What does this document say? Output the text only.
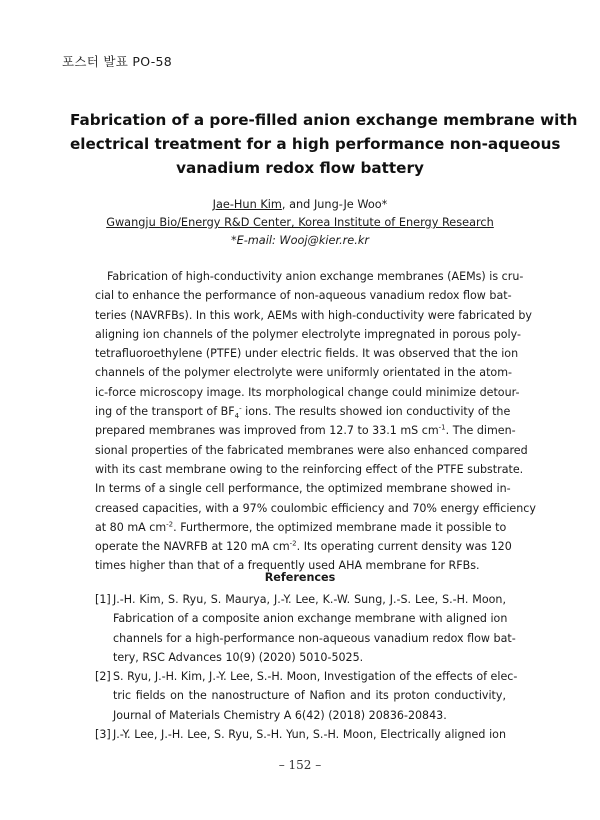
포스터 발표 PO-58
Fabrication of a pore-filled anion exchange membrane with
electrical treatment for a high performance non-aqueous
vanadium redox flow battery
Jae-Hun Kim, and Jung-Je Woo*
Gwangju Bio/Energy R&D Center, Korea Institute of Energy Research
*E-mail: Wooj@kier.re.kr
Fabrication of high-conductivity anion exchange membranes (AEMs) is cru-
cial to enhance the performance of non-aqueous vanadium redox flow bat-
teries (NAVRFBs). In this work, AEMs with high-conductivity were fabricated by
aligning ion channels of the polymer electrolyte impregnated in porous poly-
tetrafluoroethylene (PTFE) under electric fields. It was observed that the ion
channels of the polymer electrolyte were uniformly orientated in the atom-
ic-force microscopy image. Its morphological change could minimize detour-
ing of the transport of $BF_4^-$ ions. The results showed ion conductivity of the
prepared membranes was improved from 12.7 to 33.1 mS $cm^{-1}$. The dimen-
sional properties of the fabricated membranes were also enhanced compared
with its cast membrane owing to the reinforcing effect of the PTFE substrate.
In terms of a single cell performance, the optimized membrane showed in-
creased capacities, with a 97% coulombic efficiency and 70% energy efficiency
at 80 mA $cm^{-2}$. Furthermore, the optimized membrane made it possible to
operate the NAVRFB at 120 mA $cm^{-2}$. Its operating current density was 120
times higher than that of a frequently used AHA membrane for RFBs.
References
[1] J.-H. Kim, S. Ryu, S. Maurya, J.-Y. Lee, K.-W. Sung, J.-S. Lee, S.-H. Moon,
Fabrication of a composite anion exchange membrane with aligned ion
channels for a high-performance non-aqueous vanadium redox flow bat-
tery, RSC Advances 10(9) (2020) 5010-5025.
[2] S. Ryu, J.-H. Kim, J.-Y. Lee, S.-H. Moon, Investigation of the effects of elec-
tric fields on the nanostructure of Nafion and its proton conductivity,
Journal of Materials Chemistry A 6(42) (2018) 20836-20843.
[3] J.-Y. Lee, J.-H. Lee, S. Ryu, S.-H. Yun, S.-H. Moon, Electrically aligned ion
– 152 –
